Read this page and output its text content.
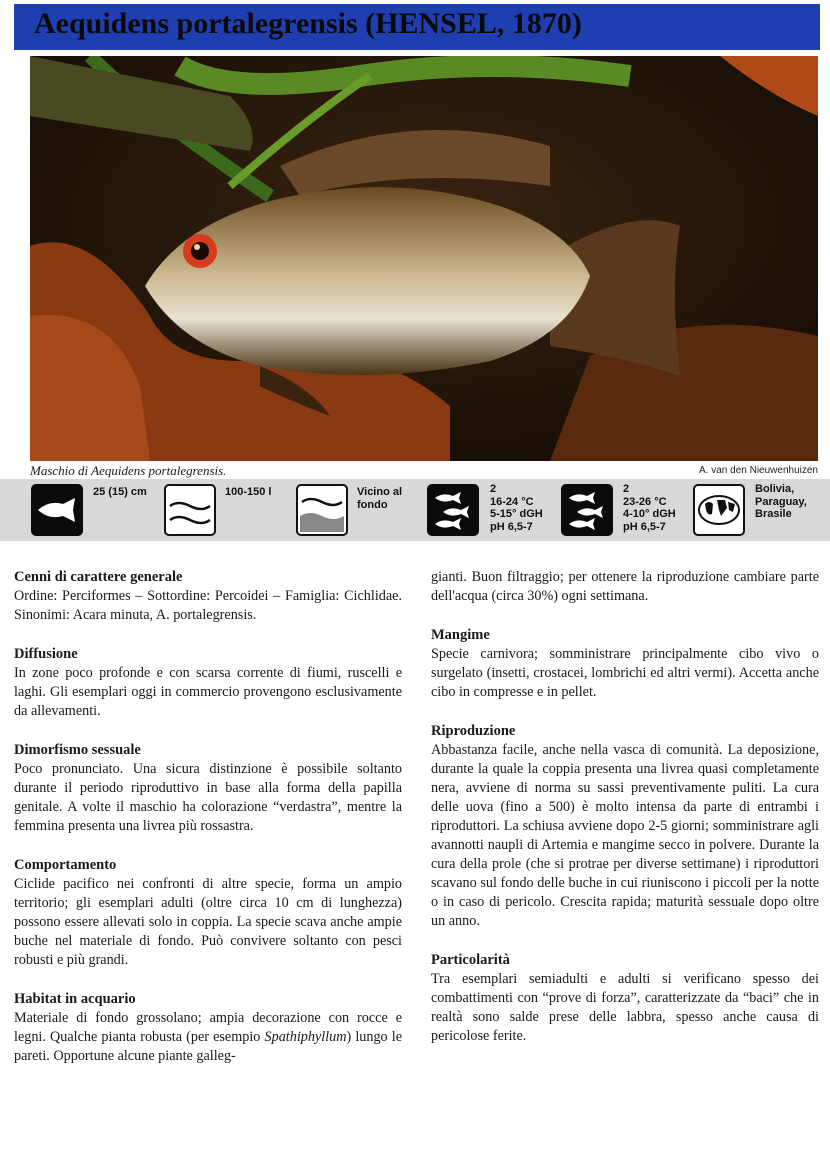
Aequidens portalegrensis (HENSEL, 1870)
Maschio di Aequidens portalegrensis.	A. van den Nieuwenhuizen
25 (15) cm	100-150 l	Vicino al
fondo
2
16-24 °C
5-15° dGH
pH 6,5-7
2
23-26 °C
4-10° dGH
pH 6,5-7
Bolivia,
Paraguay,
Brasile
Cenni di carattere generale

Ordine: Perciformes – Sottordine: Percoidei – Famiglia: Cichlidae. Sinonimi: Acara minuta, A. portalegrensis.

Diffusione

In zone poco profonde e con scarsa corrente di fiumi, ruscelli e laghi. Gli esemplari oggi in commercio provengono esclusivamente da allevamenti.

Dimorfismo sessuale

Poco pronunciato. Una sicura distinzione è possibile soltanto durante il periodo riproduttivo in base alla forma della papilla genitale. A volte il maschio ha colorazione “verdastra”, mentre la femmina presenta una livrea più rossastra.

Comportamento

Ciclide pacifico nei confronti di altre specie, forma un ampio territorio; gli esemplari adulti (oltre circa 10 cm di lunghezza) possono essere allevati solo in coppia. La specie scava anche ampie buche nel materiale di fondo. Può convivere soltanto con pesci robusti e più grandi.

Habitat in acquario

Materiale di fondo grossolano; ampia decorazione con rocce e legni. Qualche pianta robusta (per esempio Spathiphyllum) lungo le pareti. Opportune alcune piante galleg-

gianti. Buon filtraggio; per ottenere la riproduzione cambiare parte dell'acqua (circa 30%) ogni settimana.

Mangime

Specie carnivora; somministrare principalmente cibo vivo o surgelato (insetti, crostacei, lombrichi ed altri vermi). Accetta anche cibo in compresse e in pellet.

Riproduzione

Abbastanza facile, anche nella vasca di comunità. La deposizione, durante la quale la coppia presenta una livrea quasi completamente nera, avviene di norma su sassi preventivamente puliti. La cura delle uova (fino a 500) è molto intensa da parte di entrambi i riproduttori. La schiusa avviene dopo 2-5 giorni; somministrare agli avannotti naupli di Artemia e mangime secco in polvere. Durante la cura della prole (che si protrae per diverse settimane) i riproduttori scavano sul fondo delle buche in cui riuniscono i piccoli per la notte o in caso di pericolo. Crescita rapida; maturità sessuale dopo oltre un anno.

Particolarità

Tra esemplari semiadulti e adulti si verificano spesso dei combattimenti con “prove di forza”, caratterizzate da “baci” che in realtà sono salde prese delle labbra, spesso anche causa di pericolose ferite.
